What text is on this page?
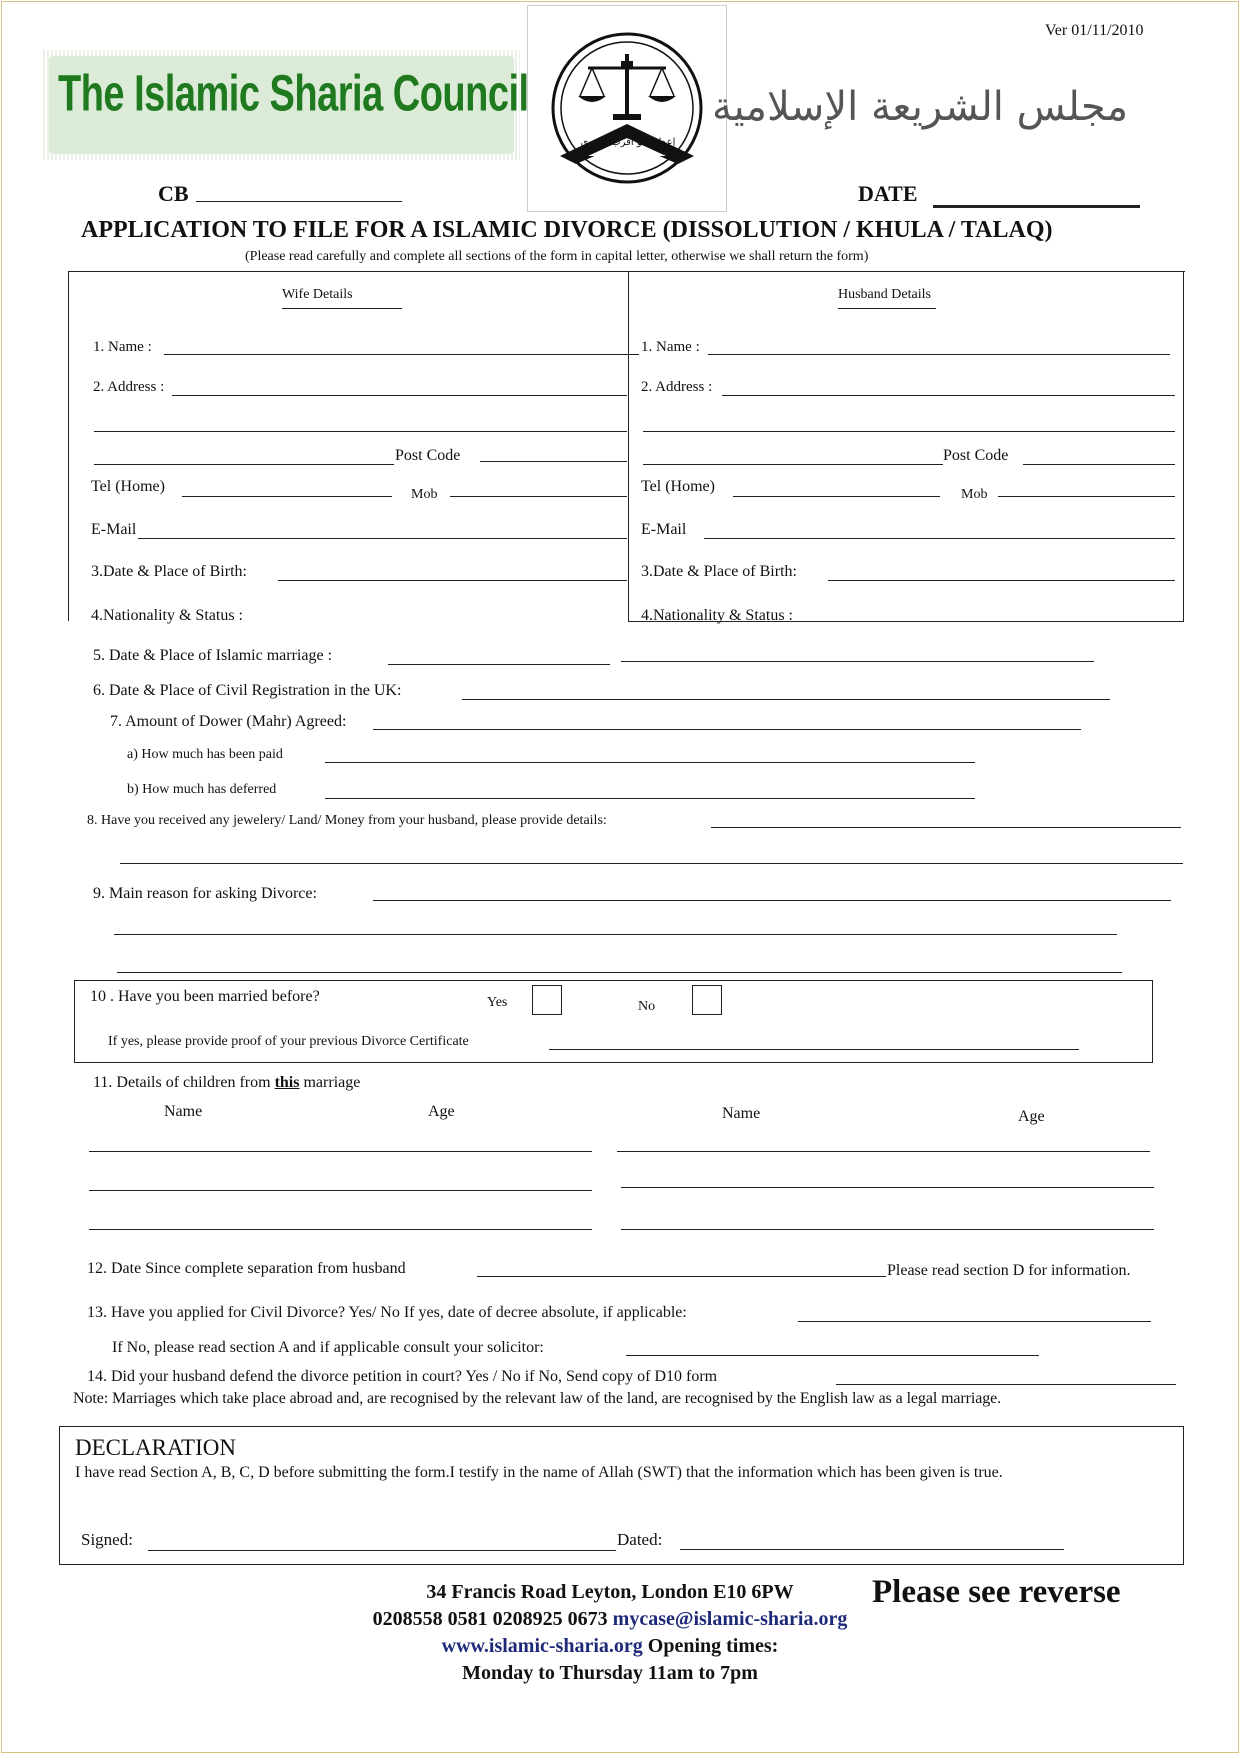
Ver 01/11/2010
The Islamic Sharia Council
إعدلوا هو أقرب للتقوى
مجلس الشريعة الإسلامية
CB	DATE
APPLICATION TO FILE FOR A ISLAMIC DIVORCE (DISSOLUTION / KHULA / TALAQ)
(Please read carefully and complete all sections of the form in capital letter, otherwise we shall return the form)
Wife Details
1. Name :
2. Address :
Post Code
Tel (Home)	Mob
E-Mail
3.Date & Place of Birth:
4.Nationality & Status :
Husband Details
1. Name :
2. Address :
Post Code
Tel (Home)	Mob
E-Mail
3.Date & Place of Birth:
4.Nationality & Status :
5. Date & Place of Islamic marriage :
6. Date & Place of Civil Registration in the UK:
7. Amount of Dower (Mahr) Agreed:
a) How much has been paid
b) How much has deferred
8. Have you received any jewelery/ Land/ Money from your husband, please provide details:
9. Main reason for asking Divorce:
10 . Have you been married before?	Yes	No
If yes, please provide proof of your previous Divorce Certificate
11. Details of children from this marriage
Name	Age	Name	Age
12. Date Since complete separation from husband	Please read section D for information.
13. Have you applied for Civil Divorce? Yes/ No If yes, date of decree absolute, if applicable:
If No, please read section A and if applicable consult your solicitor:
14. Did your husband defend the divorce petition in court? Yes / No if No, Send copy of D10 form
Note: Marriages which take place abroad and, are recognised by the relevant law of the land, are recognised by the English law as a legal marriage.
DECLARATION
I have read Section A, B, C, D before submitting the form.I testify in the name of Allah (SWT) that the information which has been given is true.
Signed:	Dated:
34 Francis Road Leyton, London E10 6PW
0208558 0581 0208925 0673 mycase@islamic-sharia.org
www.islamic-sharia.org Opening times:
Monday to Thursday 11am to 7pm
Please see reverse
